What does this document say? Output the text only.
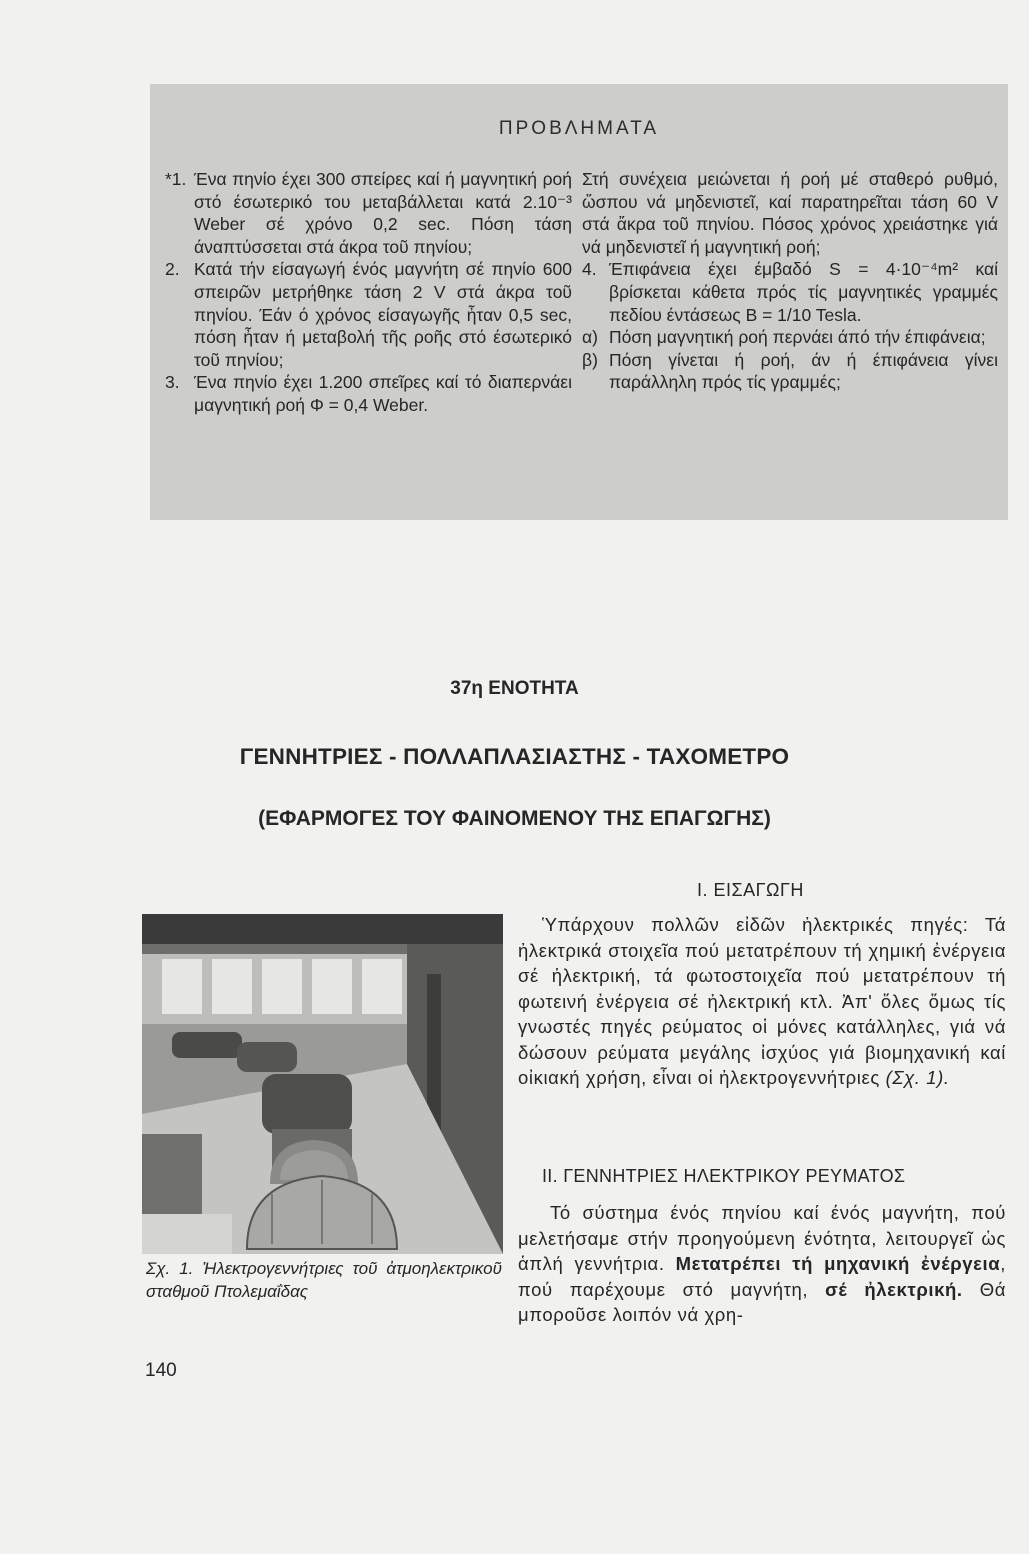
ΠΡΟΒΛΗΜΑΤΑ
*1. Ένα πηνίο έχει 300 σπείρες καί ή μαγνητική ροή στό έσωτερικό του μεταβάλλεται κατά 2.10⁻³ Weber σέ χρόνο 0,2 sec. Πόση τάση άναπτύσσεται στά άκρα τοῦ πηνίου;
2. Κατά τήν είσαγωγή ένός μαγνήτη σέ πηνίο 600 σπειρῶν μετρήθηκε τάση 2 V στά άκρα τοῦ πηνίου. Έάν ό χρόνος είσαγωγῆς ἦταν 0,5 sec, πόση ἦταν ή μεταβολή τῆς ροῆς στό έσωτερικό τοῦ πηνίου;
3. Ένα πηνίο έχει 1.200 σπεῖρες καί τό διαπερνάει μαγνητική ροή Φ = 0,4 Weber.
Στή συνέχεια μειώνεται ή ροή μέ σταθερό ρυθμό, ὥσπου νά μηδενιστεῖ, καί παρατηρεῖται τάση 60 V στά ἄκρα τοῦ πηνίου. Πόσος χρόνος χρειάστηκε γιά νά μηδενιστεῖ ή μαγνητική ροή;
4. Έπιφάνεια έχει έμβαδό S = 4·10⁻⁴m² καί βρίσκεται κάθετα πρός τίς μαγνητικές γραμμές πεδίου έντάσεως B = 1/10 Tesla.
α) Πόση μαγνητική ροή περνάει άπό τήν έπιφάνεια;
β) Πόση γίνεται ή ροή, άν ή έπιφάνεια γίνει παράλληλη πρός τίς γραμμές;
37η ΕΝΟΤΗΤΑ
ΓΕΝΝΗΤΡΙΕΣ - ΠΟΛΛΑΠΛΑΣΙΑΣΤΗΣ - ΤΑΧΟΜΕΤΡΟ
(ΕΦΑΡΜΟΓΕΣ ΤΟΥ ΦΑΙΝΟΜΕΝΟΥ ΤΗΣ ΕΠΑΓΩΓΗΣ)
Σχ. 1. Ἠλεκτρογεννήτριες τοῦ ἀτμοηλεκτρικοῦ σταθμοῦ Πτολεμαΐδας
140
I. ΕΙΣΑΓΩΓΗ
Ὑπάρχουν πολλῶν εἰδῶν ἠλεκτρικές πηγές: Τά ἠλεκτρικά στοιχεῖα πού μετατρέπουν τή χημική ἐνέργεια σέ ἠλεκτρική, τά φωτοστοιχεῖα πού μετατρέπουν τή φωτεινή ἐνέργεια σέ ἠλεκτρική κτλ. Ἀπ' ὅλες ὅμως τίς γνωστές πηγές ρεύματος οἱ μόνες κατάλληλες, γιά νά δώσουν ρεύματα μεγάλης ἰσχύος γιά βιομηχανική καί οἰκιακή χρήση, εἶναι οἱ ἠλεκτρογεννήτριες (Σχ. 1).
II. ΓΕΝΝΗΤΡΙΕΣ ΗΛΕΚΤΡΙΚΟΥ ΡΕΥΜΑΤΟΣ
Τό σύστημα ένός πηνίου καί ένός μαγνήτη, πού μελετήσαμε στήν προηγούμενη ένότητα, λειτουργεῖ ὡς ἁπλή γεννήτρια. Μετατρέπει τή μηχανική ἐνέργεια, πού παρέχουμε στό μαγνήτη, σέ ἠλεκτρική. Θά μποροῦσε λοιπόν νά χρη-
